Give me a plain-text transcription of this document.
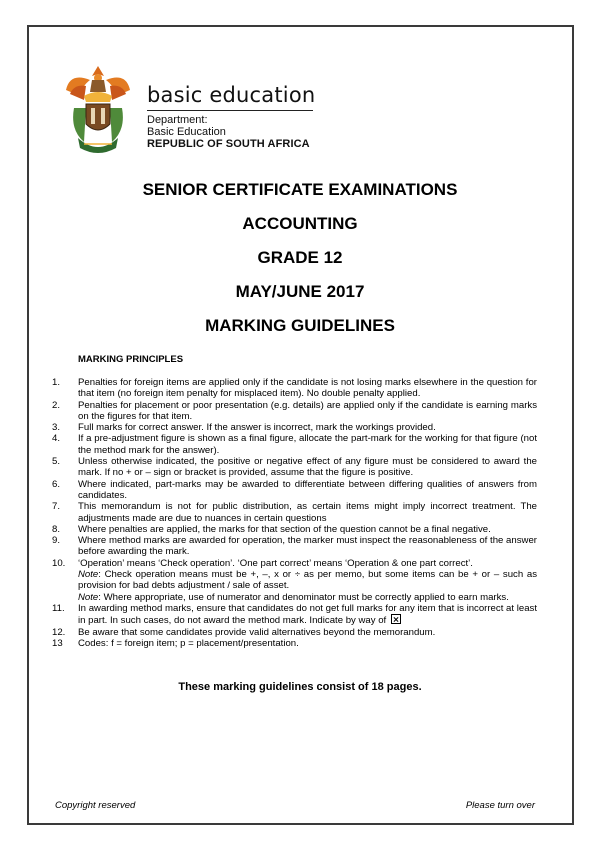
basic education
Department:
Basic Education
REPUBLIC OF SOUTH AFRICA
SENIOR CERTIFICATE EXAMINATIONS
ACCOUNTING
GRADE 12
MAY/JUNE 2017
MARKING GUIDELINES
MARKING PRINCIPLES
1.	Penalties for foreign items are applied only if the candidate is not losing marks elsewhere in the question for that item (no foreign item penalty for misplaced item). No double penalty applied.
2.	Penalties for placement or poor presentation (e.g. details) are applied only if the candidate is earning marks on the figures for that item.
3.	Full marks for correct answer. If the answer is incorrect, mark the workings provided.
4.	If a pre-adjustment figure is shown as a final figure, allocate the part-mark for the working for that figure (not the method mark for the answer).
5.	Unless otherwise indicated, the positive or negative effect of any figure must be considered to award the mark. If no + or – sign or bracket is provided, assume that the figure is positive.
6.	Where indicated, part-marks may be awarded to differentiate between differing qualities of answers from candidates.
7.	This memorandum is not for public distribution, as certain items might imply incorrect treatment. The adjustments made are due to nuances in certain questions
8.	Where penalties are applied, the marks for that section of the question cannot be a final negative.
9.	Where method marks are awarded for operation, the marker must inspect the reasonableness of the answer before awarding the mark.
10.	‘Operation’ means ‘Check operation’. ‘One part correct’ means ‘Operation & one part correct’.
Note: Check operation means must be +, –, x or ÷ as per memo, but some items can be + or – such as provision for bad debts adjustment / sale of asset.
Note: Where appropriate, use of numerator and denominator must be correctly applied to earn marks.
11.	In awarding method marks, ensure that candidates do not get full marks for any item that is incorrect at least in part. In such cases, do not award the method mark. Indicate by way of
12.	Be aware that some candidates provide valid alternatives beyond the memorandum.
13	Codes: f = foreign item; p = placement/presentation.
These marking guidelines consist of 18 pages.
Copyright reserved	Please turn over
